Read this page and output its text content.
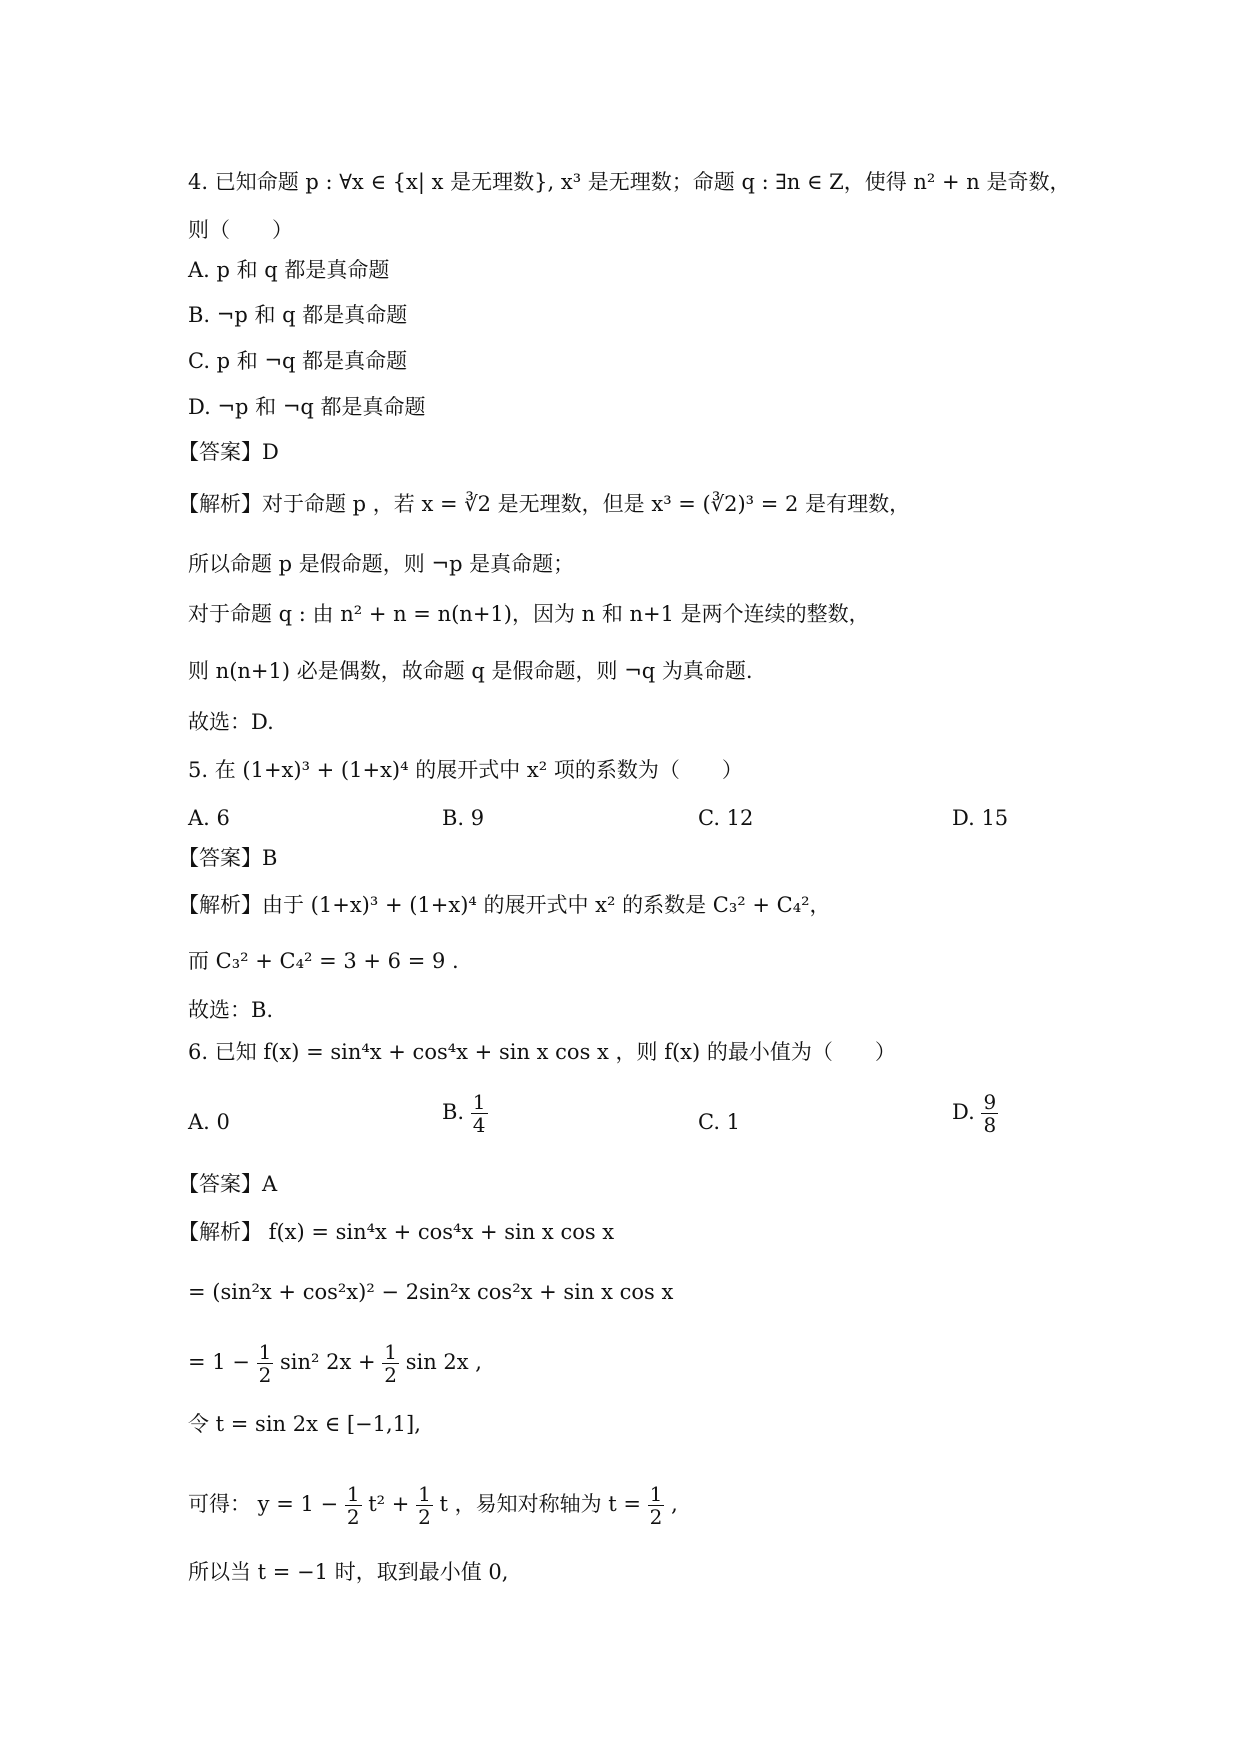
4. 已知命题 p : ∀x ∈ {x| x 是无理数}, x³ 是无理数；命题 q : ∃n ∈ Z，使得 n² + n 是奇数，
则（　　）
A. p 和 q 都是真命题
B. ¬p 和 q 都是真命题
C. p 和 ¬q 都是真命题
D. ¬p 和 ¬q 都是真命题
【答案】D
【解析】对于命题 p ，若 x = ∛2 是无理数，但是 x³ = (∛2)³ = 2 是有理数，
所以命题 p 是假命题，则 ¬p 是真命题；
对于命题 q : 由 n² + n = n(n+1)，因为 n 和 n+1 是两个连续的整数，
则 n(n+1) 必是偶数，故命题 q 是假命题，则 ¬q 为真命题.
故选：D.
5. 在 (1+x)³ + (1+x)⁴ 的展开式中 x² 项的系数为（　　）
A. 6	B. 9	C. 12	D. 15
【答案】B
【解析】由于 (1+x)³ + (1+x)⁴ 的展开式中 x² 的系数是 C₃² + C₄²，
而 C₃² + C₄² = 3 + 6 = 9 .
故选：B.
6. 已知 f(x) = sin⁴x + cos⁴x + sin x cos x ，则 f(x) 的最小值为（　　）
A. 0	B. $\frac{1}{4}$	C. 1	D. $\frac{9}{8}$
【答案】A
【解析】 f(x) = sin⁴x + cos⁴x + sin x cos x
= (sin²x + cos²x)² − 2sin²x cos²x + sin x cos x
= $1 - \frac{1}{2} \sin^2$ $2x + \frac{1}{2}$ sin 2x ,
令 t = sin 2x ∈ [−1,1],
可得： $y = 1 - \frac{1}{2} t^2 + \frac{1}{2}$ t ，易知对称轴为 $t = \frac{1}{2}$ ,
所以当 t = −1 时，取到最小值 0,
